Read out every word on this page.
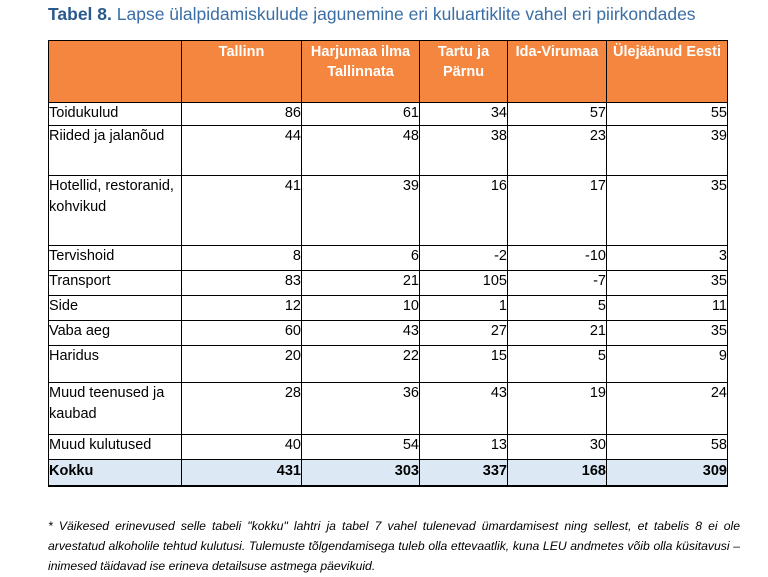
Tabel 8. Lapse ülalpidamiskulude jagunemine eri kuluartiklite vahel eri piirkondades
	Tallinn	Harjumaa ilma Tallinnata	Tartu ja Pärnu	Ida-Virumaa	Ülejäänud Eesti
Toidukulud	86	61	34	57	55
Riided ja jalanõud	44	48	38	23	39
Hotellid, restoranid, kohvikud	41	39	16	17	35
Tervishoid	8	6	-2	-10	3
Transport	83	21	105	-7	35
Side	12	10	1	5	11
Vaba aeg	60	43	27	21	35
Haridus	20	22	15	5	9
Muud teenused ja kaubad	28	36	43	19	24
Muud kulutused	40	54	13	30	58
Kokku	431	303	337	168	309
* Väikesed erinevused selle tabeli "kokku" lahtri ja tabel 7 vahel tulenevad ümardamisest ning sellest, et tabelis 8 ei ole arvestatud alkoholile tehtud kulutusi. Tulemuste tõlgendamisega tuleb olla ettevaatlik, kuna LEU andmetes võib olla küsitavusi – inimesed täidavad ise erineva detailsuse astmega päevikuid.
